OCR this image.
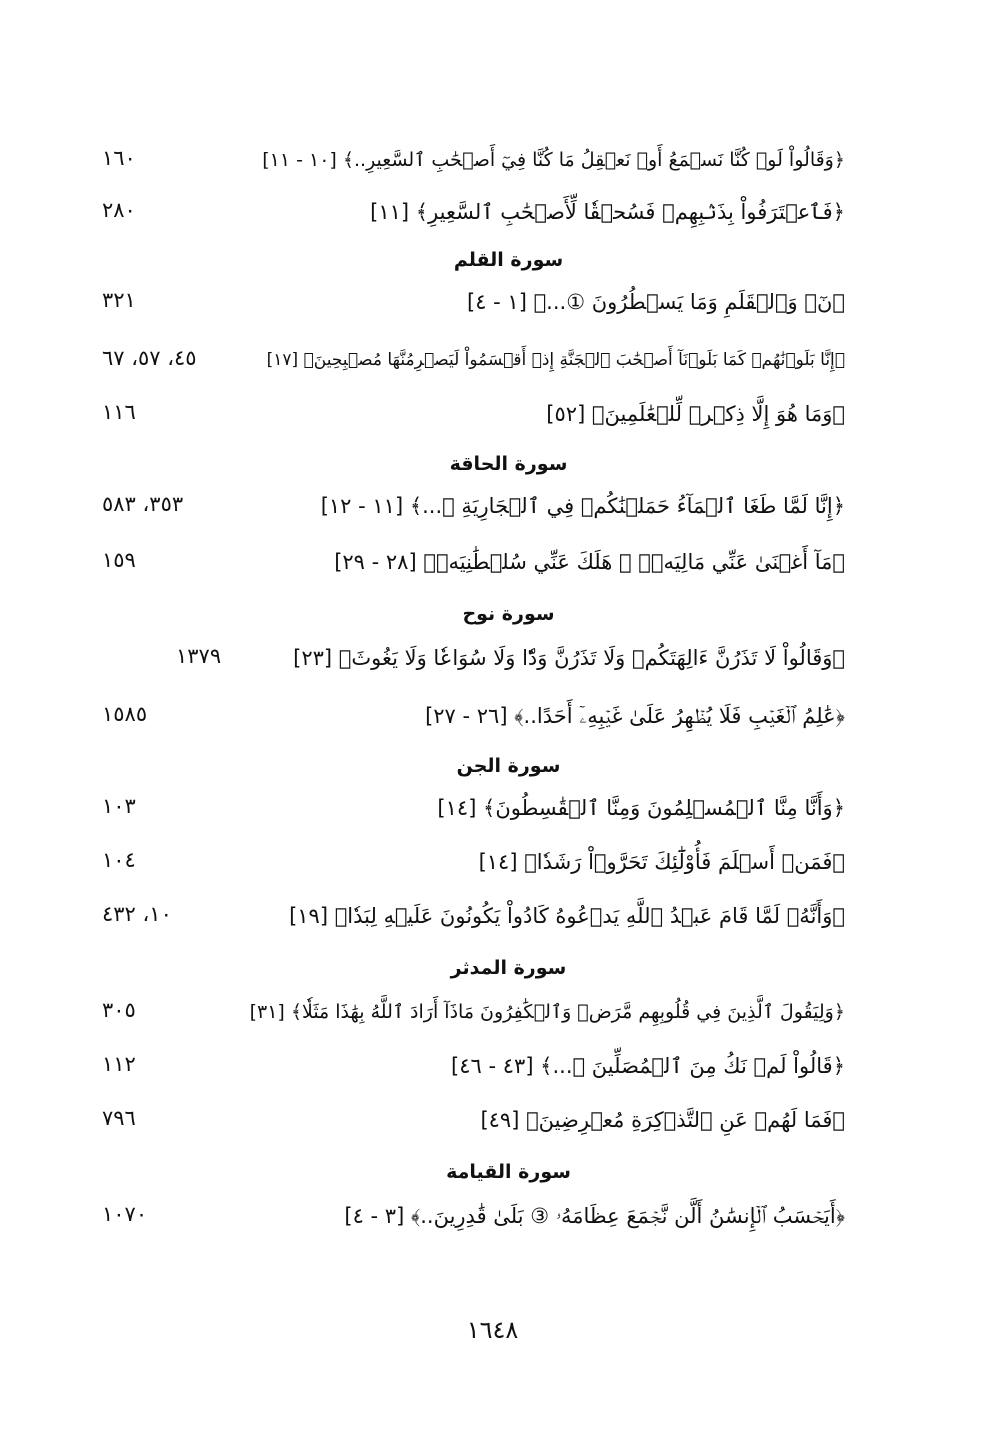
﴿وَقَالُواْ لَوۡ كُنَّا نَسۡمَعُ أَوۡ نَعۡقِلُ مَا كُنَّا فِيٓ أَصۡحَٰبِ ٱلسَّعِيرِ..﴾ [١٠ - ١١]
١٦٠
﴿فَٱعۡتَرَفُواْ بِذَنۢبِهِمۡ فَسُحۡقٗا لِّأَصۡحَٰبِ ٱلسَّعِيرِ﴾ [١١]
٢٨٠
سورة القلم
﴿نٓۚ وَٱلۡقَلَمِ وَمَا يَسۡطُرُونَ ①...﴾ [١ - ٤]
٣٢١
﴿إِنَّا بَلَوۡنَٰهُمۡ كَمَا بَلَوۡنَآ أَصۡحَٰبَ ٱلۡجَنَّةِ إِذۡ أَقۡسَمُواْ لَيَصۡرِمُنَّهَا مُصۡبِحِينَ﴾ [١٧]
٤٥، ٥٧، ٦٧
﴿وَمَا هُوَ إِلَّا ذِكۡرٞ لِّلۡعَٰلَمِينَ﴾ [٥٢]
١١٦
سورة الحاقة
﴿إِنَّا لَمَّا طَغَا ٱلۡمَآءُ حَمَلۡنَٰكُمۡ فِي ٱلۡجَارِيَةِ ⑪...﴾ [١١ - ١٢]
٣٥٣، ٥٨٣
﴿مَآ أَغۡنَىٰ عَنِّي مَالِيَهۡۜ ㉘ هَلَكَ عَنِّي سُلۡطَٰنِيَهۡ﴾ [٢٨ - ٢٩]
١٥٩
سورة نوح
﴿وَقَالُواْ لَا تَذَرُنَّ ءَالِهَتَكُمۡ وَلَا تَذَرُنَّ وَدّٗا وَلَا سُوَاعٗا وَلَا يَغُوثَ﴾ [٢٣]
١٣٧٩
﴿عَٰلِمُ ٱلۡغَيۡبِ فَلَا يُظۡهِرُ عَلَىٰ غَيۡبِهِۦٓ أَحَدًا..﴾ [٢٦ - ٢٧]
١٥٨٥
سورة الجن
﴿وَأَنَّا مِنَّا ٱلۡمُسۡلِمُونَ وَمِنَّا ٱلۡقَٰسِطُونَ﴾ [١٤]
١٠٣
﴿فَمَنۡ أَسۡلَمَ فَأُوْلَٰٓئِكَ تَحَرَّوۡاْ رَشَدٗا﴾ [١٤]
١٠٤
﴿وَأَنَّهُۥ لَمَّا قَامَ عَبۡدُ ٱللَّهِ يَدۡعُوهُ كَادُواْ يَكُونُونَ عَلَيۡهِ لِبَدٗا﴾ [١٩]
١٠، ٤٣٢
سورة المدثر
﴿وَلِيَقُولَ ٱلَّذِينَ فِي قُلُوبِهِم مَّرَضٞ وَٱلۡكَٰفِرُونَ مَاذَآ أَرَادَ ٱللَّهُ بِهَٰذَا مَثَلٗا﴾ [٣١]
٣٠٥
﴿قَالُواْ لَمۡ نَكُ مِنَ ٱلۡمُصَلِّينَ ㊸...﴾ [٤٣ - ٤٦]
١١٢
﴿فَمَا لَهُمۡ عَنِ ٱلتَّذۡكِرَةِ مُعۡرِضِينَ﴾ [٤٩]
٧٩٦
سورة القيامة
﴿أَيَحۡسَبُ ٱلۡإِنسَٰنُ أَلَّن نَّجۡمَعَ عِظَامَهُۥ ③ بَلَىٰ قَٰدِرِينَ..﴾ [٣ - ٤]
١٠٧٠
١٦٤٨
